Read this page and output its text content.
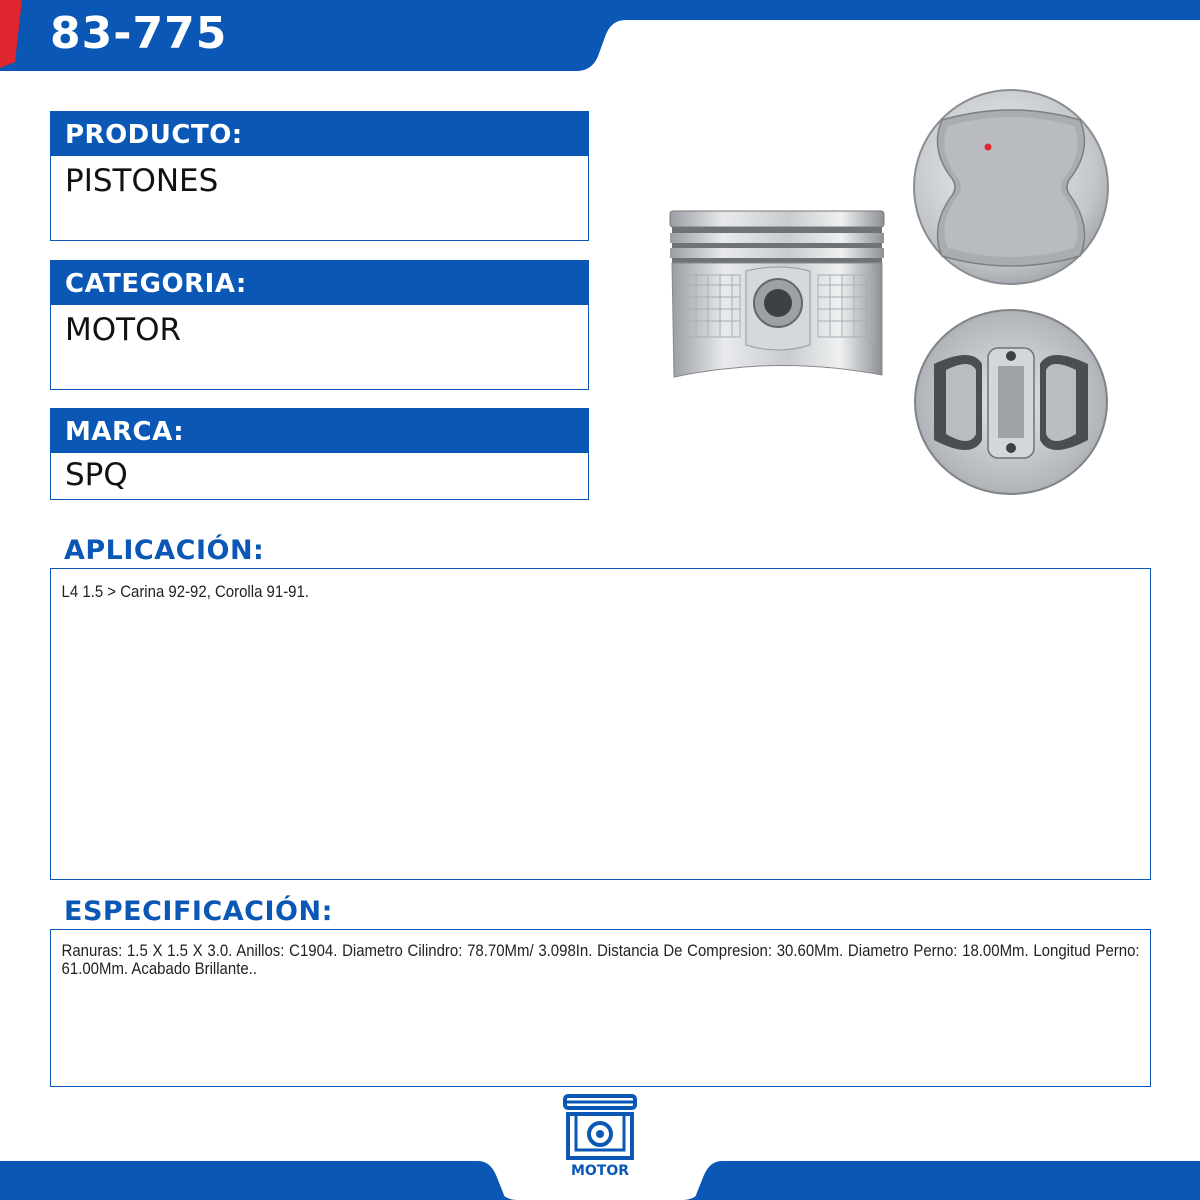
83-775
PRODUCTO:
PISTONES
CATEGORIA:
MOTOR
MARCA:
SPQ
APLICACIÓN:

L4 1.5 > Carina 92-92, Corolla 91-91.

ESPECIFICACIÓN:

Ranuras: 1.5 X 1.5 X 3.0. Anillos: C1904. Diametro Cilindro: 78.70Mm/ 3.098In. Distancia De Compresion: 30.60Mm. Diametro Perno: 18.00Mm. Longitud Perno: 61.00Mm. Acabado Brillante..

MOTOR
